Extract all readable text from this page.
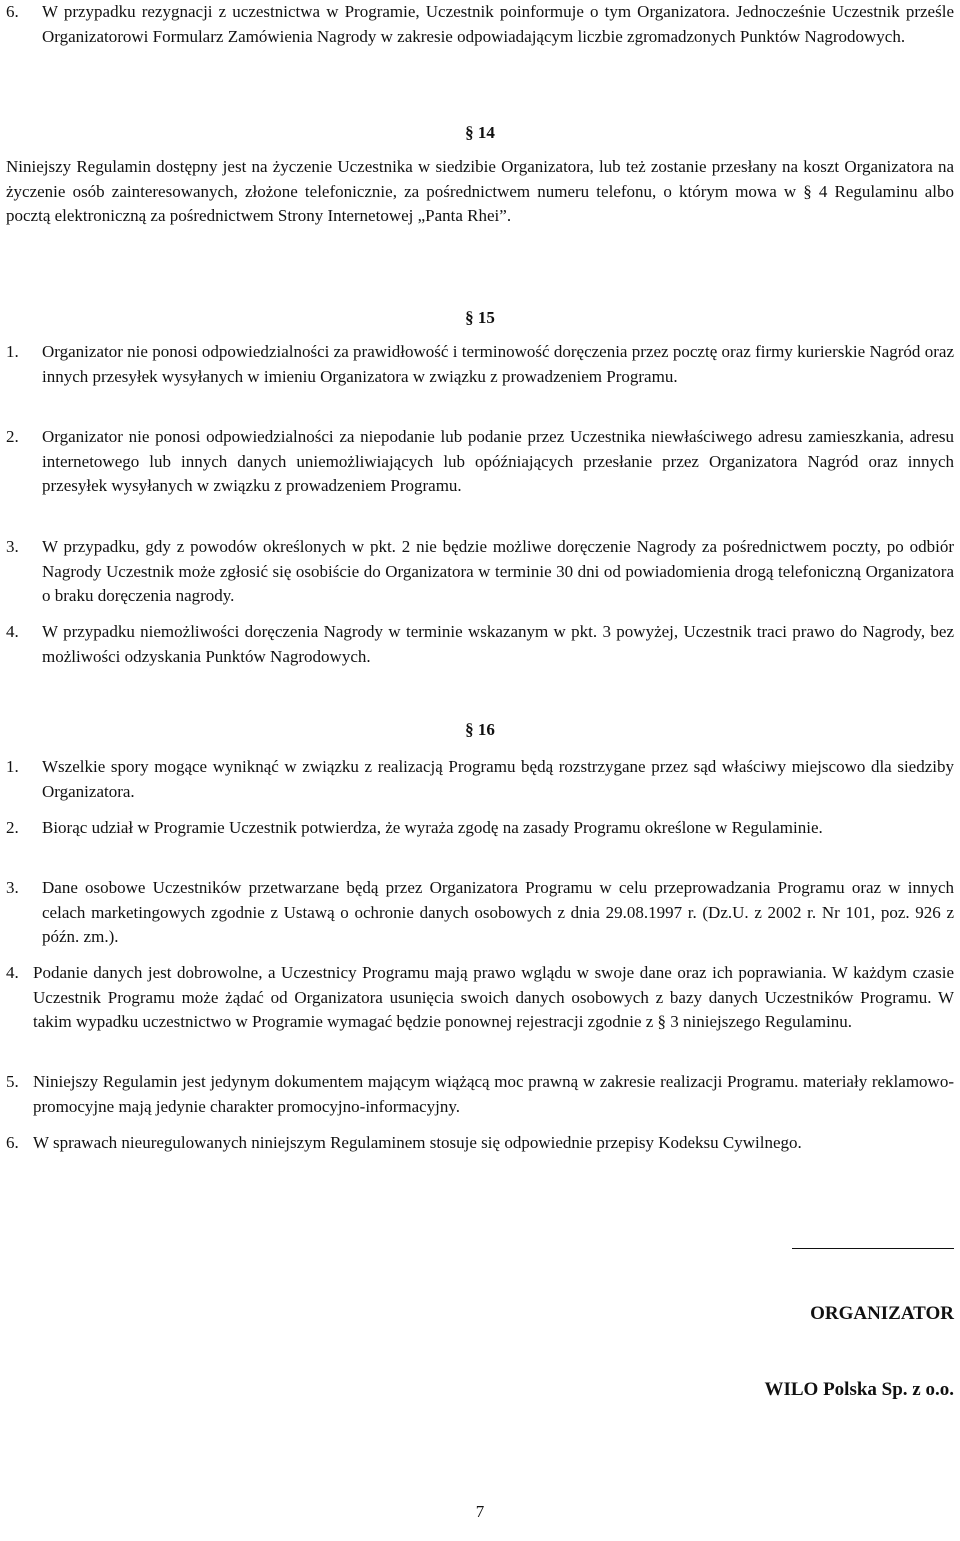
6. W przypadku rezygnacji z uczestnictwa w Programie, Uczestnik poinformuje o tym Organizatora. Jednocześnie Uczestnik prześle Organizatorowi Formularz Zamówienia Nagrody w zakresie odpowiadającym liczbie zgromadzonych Punktów Nagrodowych.

§ 14

Niniejszy Regulamin dostępny jest na życzenie Uczestnika w siedzibie Organizatora, lub też zostanie przesłany na koszt Organizatora na życzenie osób zainteresowanych, złożone telefonicznie, za pośrednictwem numeru telefonu, o którym mowa w § 4 Regulaminu albo pocztą elektroniczną za pośrednictwem Strony Internetowej „Panta Rhei”.

§ 15

1. Organizator nie ponosi odpowiedzialności za prawidłowość i terminowość doręczenia przez pocztę oraz firmy kurierskie Nagród oraz innych przesyłek wysyłanych w imieniu Organizatora w związku z prowadzeniem Programu.
2. Organizator nie ponosi odpowiedzialności za niepodanie lub podanie przez Uczestnika niewłaściwego adresu zamieszkania, adresu internetowego lub innych danych uniemożliwiających lub opóźniających przesłanie przez Organizatora Nagród oraz innych przesyłek wysyłanych w związku z prowadzeniem Programu.
3. W przypadku, gdy z powodów określonych w pkt. 2 nie będzie możliwe doręczenie Nagrody za pośrednictwem poczty, po odbiór Nagrody Uczestnik może zgłosić się osobiście do Organizatora w terminie 30 dni od powiadomienia drogą telefoniczną Organizatora o braku doręczenia nagrody.
4. W przypadku niemożliwości doręczenia Nagrody w terminie wskazanym w pkt. 3 powyżej, Uczestnik traci prawo do Nagrody, bez możliwości odzyskania Punktów Nagrodowych.

§ 16

1. Wszelkie spory mogące wyniknąć w związku z realizacją Programu będą rozstrzygane przez sąd właściwy miejscowo dla siedziby Organizatora.
2. Biorąc udział w Programie Uczestnik potwierdza, że wyraża zgodę na zasady Programu określone w Regulaminie.
3. Dane osobowe Uczestników przetwarzane będą przez Organizatora Programu w celu przeprowadzania Programu oraz w innych celach marketingowych zgodnie z Ustawą o ochronie danych osobowych z dnia 29.08.1997 r. (Dz.U. z 2002 r. Nr 101, poz. 926 z późn. zm.).
4. Podanie danych jest dobrowolne, a Uczestnicy Programu mają prawo wglądu w swoje dane oraz ich poprawiania. W każdym czasie Uczestnik Programu może żądać od Organizatora usunięcia swoich danych osobowych z bazy danych Uczestników Programu. W takim wypadku uczestnictwo w Programie wymagać będzie ponownej rejestracji zgodnie z § 3 niniejszego Regulaminu.
5. Niniejszy Regulamin jest jedynym dokumentem mającym wiążącą moc prawną w zakresie realizacji Programu. materiały reklamowo-promocyjne mają jedynie charakter promocyjno-informacyjny.
6. W sprawach nieuregulowanych niniejszym Regulaminem stosuje się odpowiednie przepisy Kodeksu Cywilnego.

ORGANIZATOR

WILO Polska Sp. z o.o.

7
